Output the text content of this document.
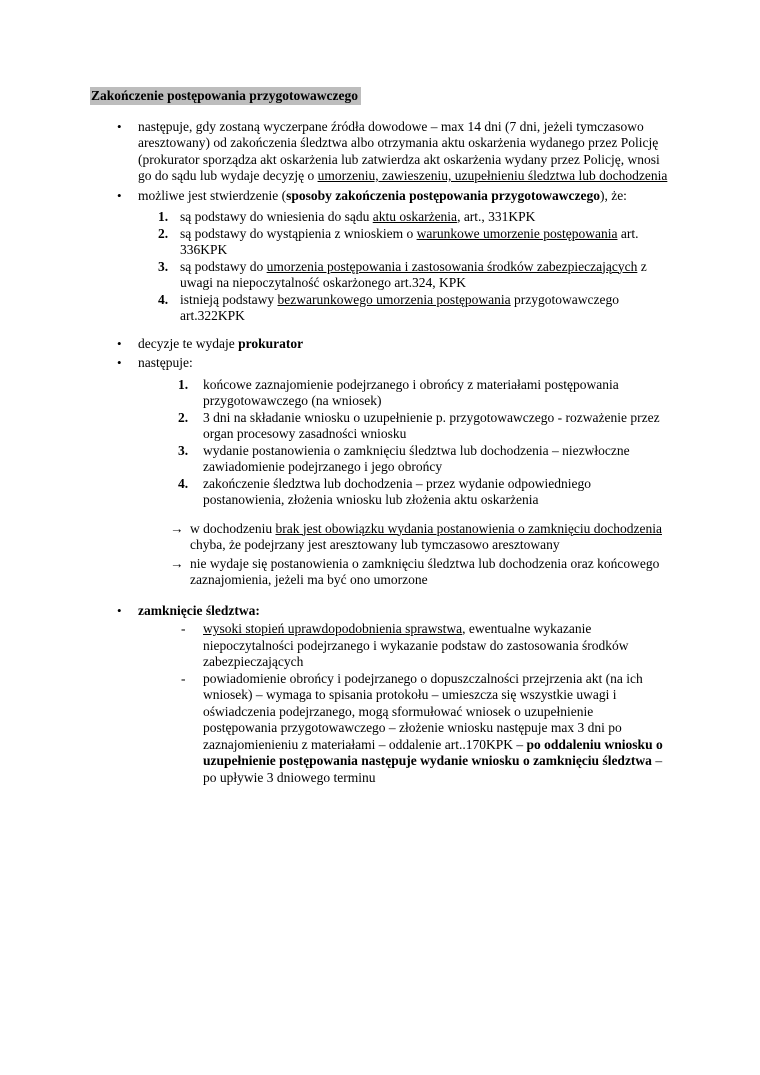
Zakończenie postępowania przygotowawczego
•	następuje, gdy zostaną wyczerpane źródła dowodowe – max 14 dni (7 dni, jeżeli tymczasowo aresztowany) od zakończenia śledztwa albo otrzymania aktu oskarżenia wydanego przez Policję (prokurator sporządza akt oskarżenia lub zatwierdza akt oskarżenia wydany przez Policję, wnosi go do sądu lub wydaje decyzję o umorzeniu, zawieszeniu, uzupełnieniu śledztwa lub dochodzenia
•	możliwe jest stwierdzenie (sposoby zakończenia postępowania przygotowawczego), że:
1. są podstawy do wniesienia do sądu aktu oskarżenia, art., 331KPK
2. są podstawy do wystąpienia z wnioskiem o warunkowe umorzenie postępowania art. 336KPK
3. są podstawy do umorzenia postępowania i zastosowania środków zabezpieczających z uwagi na niepoczytalność oskarżonego art.324, KPK
4. istnieją podstawy bezwarunkowego umorzenia postępowania przygotowawczego art.322KPK
•	decyzje te wydaje prokurator
•	następuje:
1.	końcowe zaznajomienie podejrzanego i obrońcy z materiałami postępowania przygotowawczego (na wniosek)
2.	3 dni na składanie wniosku o uzupełnienie p. przygotowawczego - rozważenie przez organ procesowy zasadności wniosku
3.	wydanie postanowienia o zamknięciu śledztwa lub dochodzenia – niezwłoczne zawiadomienie podejrzanego i jego obrońcy
4.	zakończenie śledztwa lub dochodzenia – przez wydanie odpowiedniego postanowienia, złożenia wniosku lub złożenia aktu oskarżenia
→ w dochodzeniu brak jest obowiązku wydania postanowienia o zamknięciu dochodzenia chyba, że podejrzany jest aresztowany lub tymczasowo aresztowany
→ nie wydaje się postanowienia o zamknięciu śledztwa lub dochodzenia oraz końcowego zaznajomienia, jeżeli ma być ono umorzone
•	zamknięcie śledztwa:
-	wysoki stopień uprawdopodobnienia sprawstwa, ewentualne wykazanie niepoczytalności podejrzanego i wykazanie podstaw do zastosowania środków zabezpieczających
-	powiadomienie obrońcy i podejrzanego o dopuszczalności przejrzenia akt (na ich wniosek) – wymaga to spisania protokołu – umieszcza się wszystkie uwagi i oświadczenia podejrzanego, mogą sformułować wniosek o uzupełnienie postępowania przygotowawczego – złożenie wniosku następuje max 3 dni po zaznajomienieniu z materiałami – oddalenie art..170KPK – po oddaleniu wniosku o uzupełnienie postępowania następuje wydanie wniosku o zamknięciu śledztwa – po upływie 3 dniowego terminu
